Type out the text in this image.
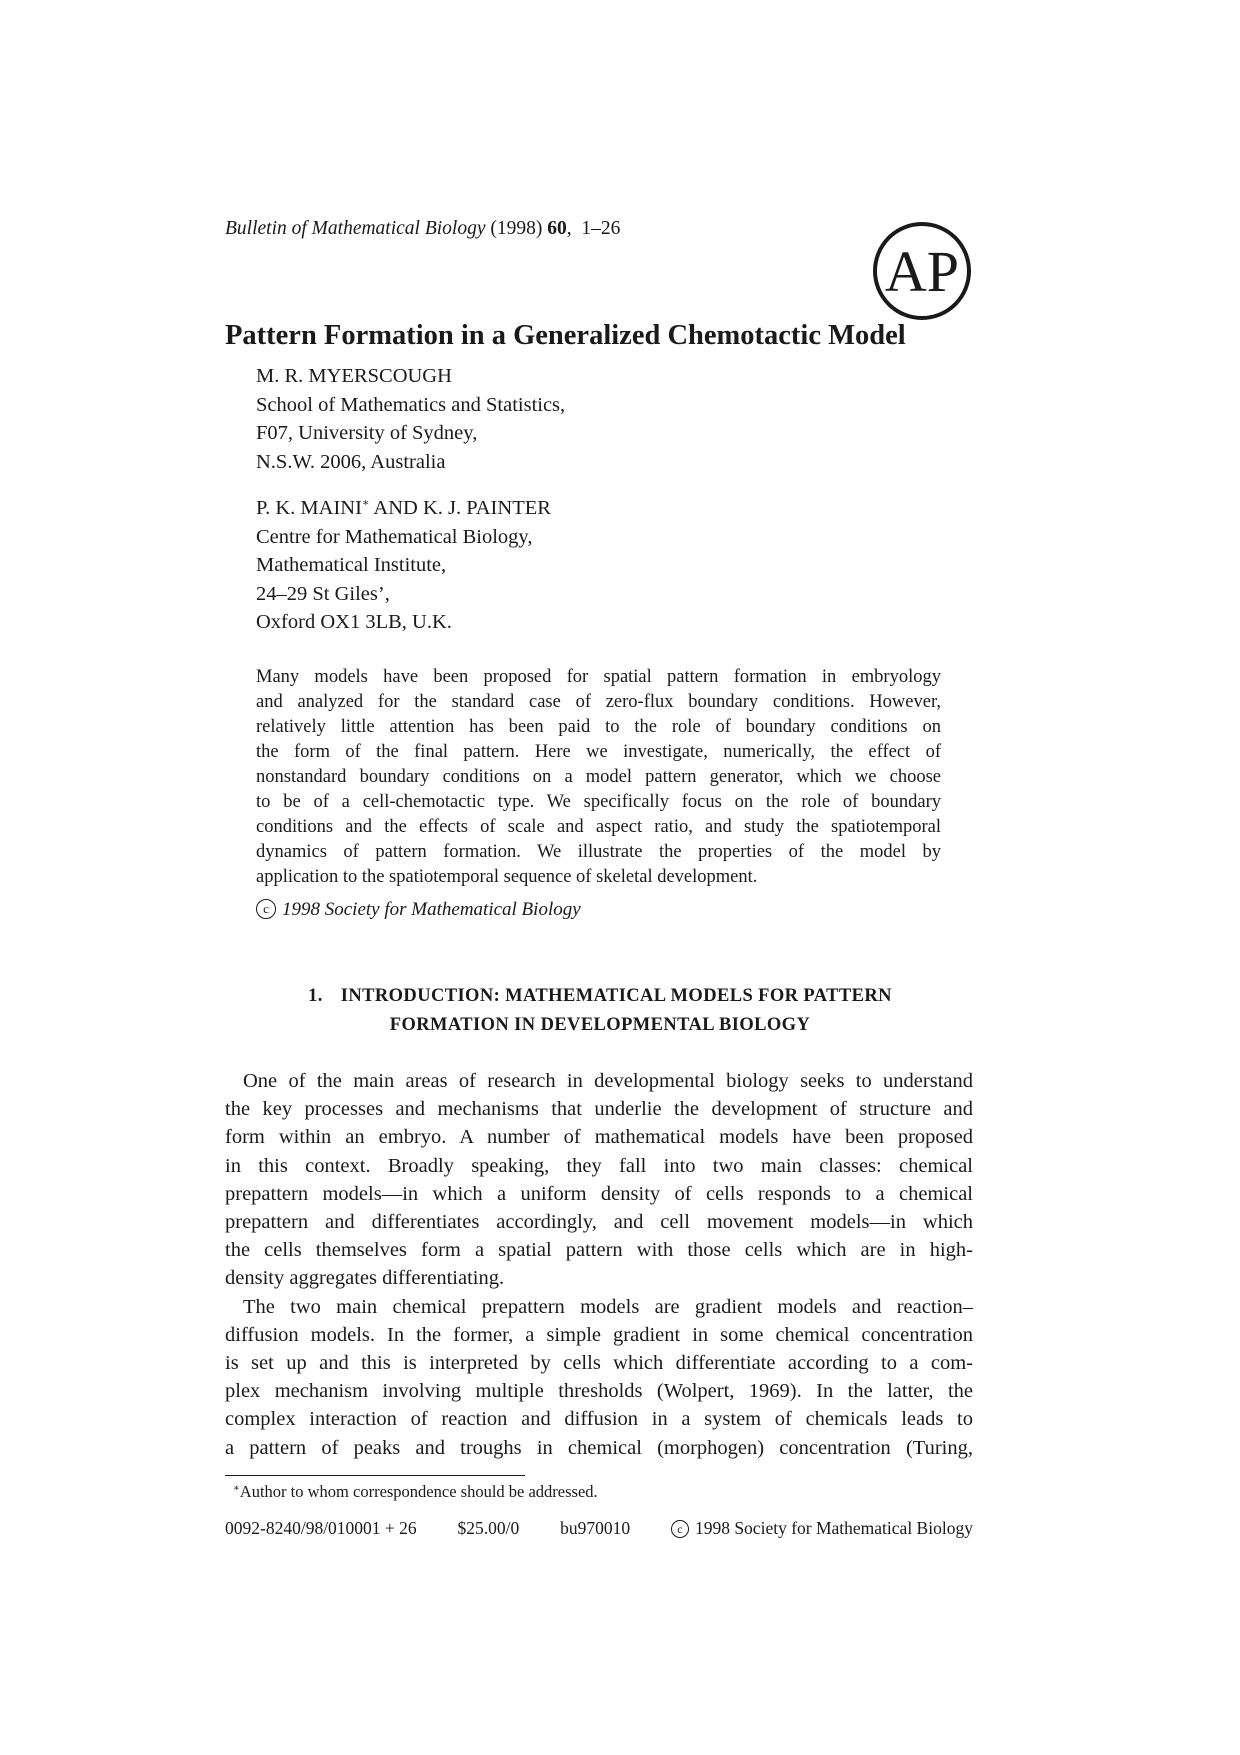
Bulletin of Mathematical Biology (1998) 60,  1–26
AP
Pattern Formation in a Generalized Chemotactic Model
M. R. MYERSCOUGH
School of Mathematics and Statistics,
F07, University of Sydney,
N.S.W. 2006, Australia
P. K. MAINI∗ AND K. J. PAINTER
Centre for Mathematical Biology,
Mathematical Institute,
24–29 St Giles’,
Oxford OX1 3LB, U.K.
Many models have been proposed for spatial pattern formation in embryology
and analyzed for the standard case of zero-flux boundary conditions. However,
relatively little attention has been paid to the role of boundary conditions on
the form of the final pattern. Here we investigate, numerically, the effect of
nonstandard boundary conditions on a model pattern generator, which we choose
to be of a cell-chemotactic type. We specifically focus on the role of boundary
conditions and the effects of scale and aspect ratio, and study the spatiotemporal
dynamics of pattern formation. We illustrate the properties of the model by
application to the spatiotemporal sequence of skeletal development.
c 1998 Society for Mathematical Biology
1. INTRODUCTION: MATHEMATICAL MODELS FOR PATTERN
FORMATION IN DEVELOPMENTAL BIOLOGY
One of the main areas of research in developmental biology seeks to understand
the key processes and mechanisms that underlie the development of structure and
form within an embryo. A number of mathematical models have been proposed
in this context. Broadly speaking, they fall into two main classes: chemical
prepattern models—in which a uniform density of cells responds to a chemical
prepattern and differentiates accordingly, and cell movement models—in which
the cells themselves form a spatial pattern with those cells which are in high-
density aggregates differentiating.
The two main chemical prepattern models are gradient models and reaction–
diffusion models. In the former, a simple gradient in some chemical concentration
is set up and this is interpreted by cells which differentiate according to a com-
plex mechanism involving multiple thresholds (Wolpert, 1969). In the latter, the
complex interaction of reaction and diffusion in a system of chemicals leads to
a pattern of peaks and troughs in chemical (morphogen) concentration (Turing,
∗Author to whom correspondence should be addressed.
0092-8240/98/010001 + 26 $25.00/0 bu970010	c 1998 Society for Mathematical Biology
